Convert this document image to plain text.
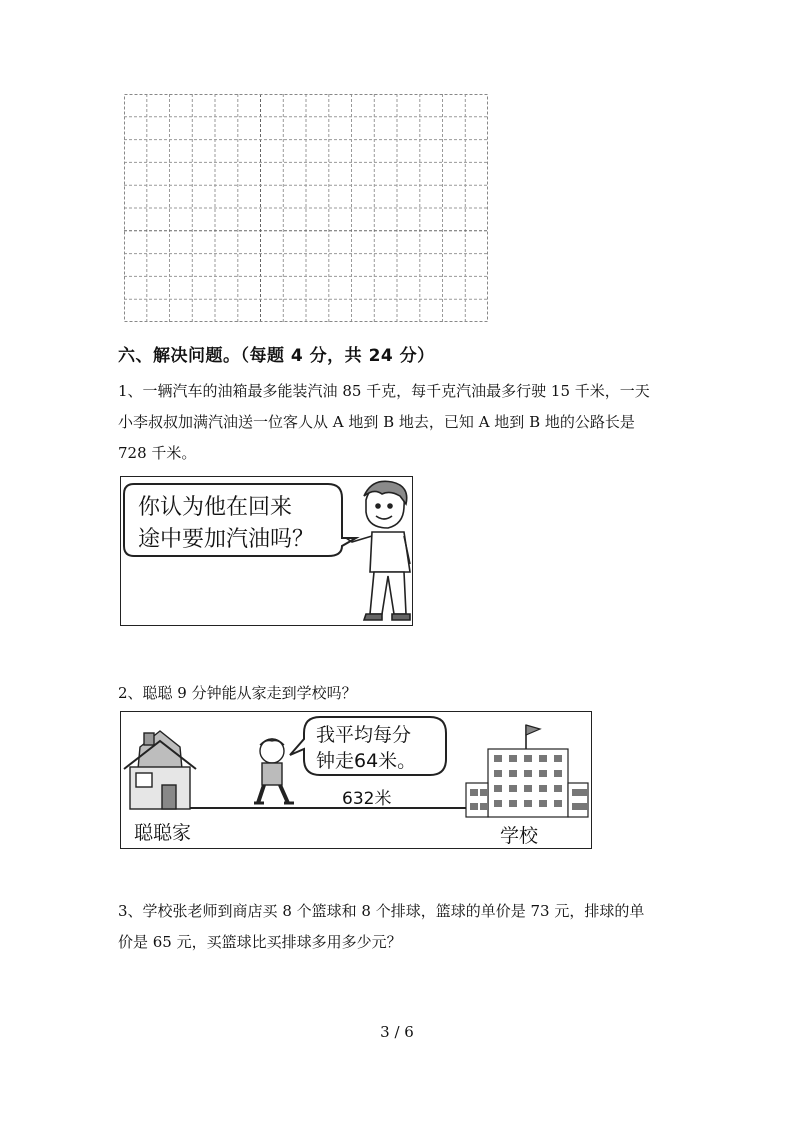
六、解决问题。（每题 4 分，共 24 分）
1、一辆汽车的油箱最多能装汽油 85 千克，每千克汽油最多行驶 15 千米，一天
小李叔叔加满汽油送一位客人从 A 地到 B 地去，已知 A 地到 B 地的公路长是
728 千米。
你认为他在回来
途中要加汽油吗？
2、聪聪 9 分钟能从家走到学校吗？
我平均每分
钟走64米。
632米
聪聪家	学校
3、学校张老师到商店买 8 个篮球和 8 个排球，篮球的单价是 73 元，排球的单
价是 65 元，买篮球比买排球多用多少元？
3 / 6
